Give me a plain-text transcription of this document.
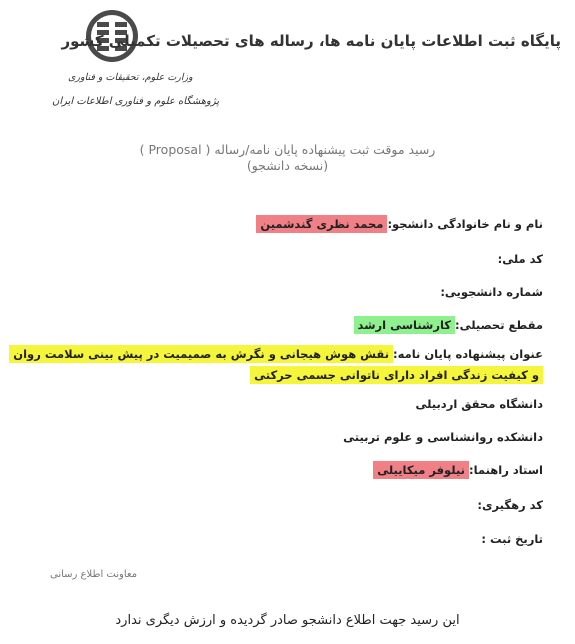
پایگاه ثبت اطلاعات پایان نامه ها، رساله های تحصیلات تکمیلی کشور
وزارت علوم، تحقیقات و فناوری
پژوهشگاه علوم و فناوری اطلاعات ایران
رسید موقت ثبت پیشنهاده پایان نامه/رساله ( Proposal )
(نسخه دانشجو)
نام و نام خانوادگی دانشجو:محمد نظری گندشمین
کد ملی:
شماره دانشجویی:
مقطع تحصیلی:کارشناسی ارشد
عنوان پیشنهاده پایان نامه:نقش هوش هیجانی و نگرش به صمیمیت در پیش بینی سلامت روان
و کیفیت زندگی افراد دارای ناتوانی جسمی حرکتی
دانشگاه محقق اردبیلی
دانشکده روانشناسی و علوم تربیتی
استاد راهنما:نیلوفر میکاییلی
کد رهگیری:
تاریخ ثبت :
معاونت اطلاع رسانی
این رسید جهت اطلاع دانشجو صادر گردیده و ارزش دیگری ندارد
